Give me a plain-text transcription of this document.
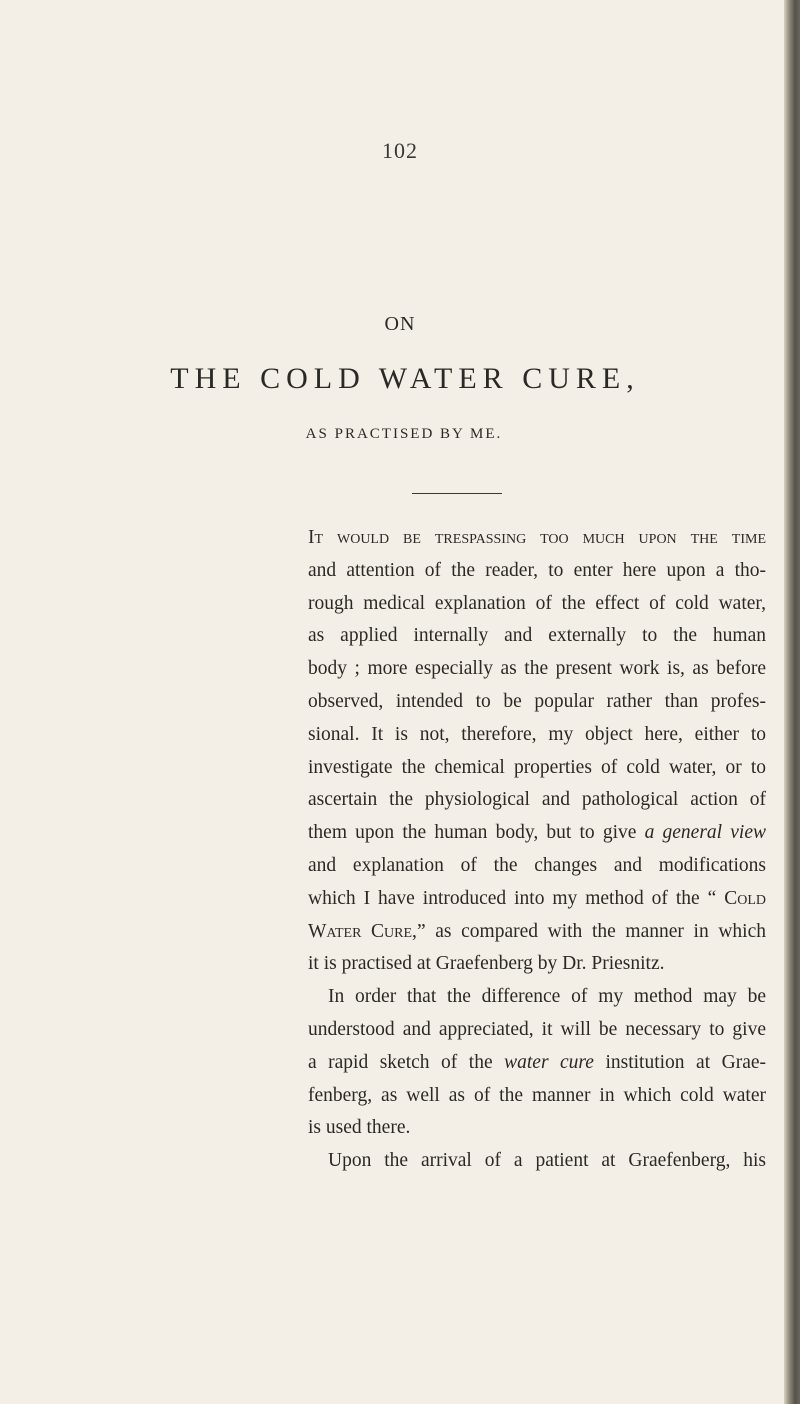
102
ON
THE COLD WATER CURE,
AS PRACTISED BY ME.
It would be trespassing too much upon the time
and attention of the reader, to enter here upon a tho-
rough medical explanation of the effect of cold water,
as applied internally and externally to the human
body ; more especially as the present work is, as before
observed, intended to be popular rather than profes-
sional. It is not, therefore, my object here, either to
investigate the chemical properties of cold water, or to
ascertain the physiological and pathological action of
them upon the human body, but to give a general view
and explanation of the changes and modifications
which I have introduced into my method of the “ Cold
Water Cure,” as compared with the manner in which
it is practised at Graefenberg by Dr. Priesnitz.
In order that the difference of my method may be
understood and appreciated, it will be necessary to give
a rapid sketch of the water cure institution at Grae-
fenberg, as well as of the manner in which cold water
is used there.
Upon the arrival of a patient at Graefenberg, his
